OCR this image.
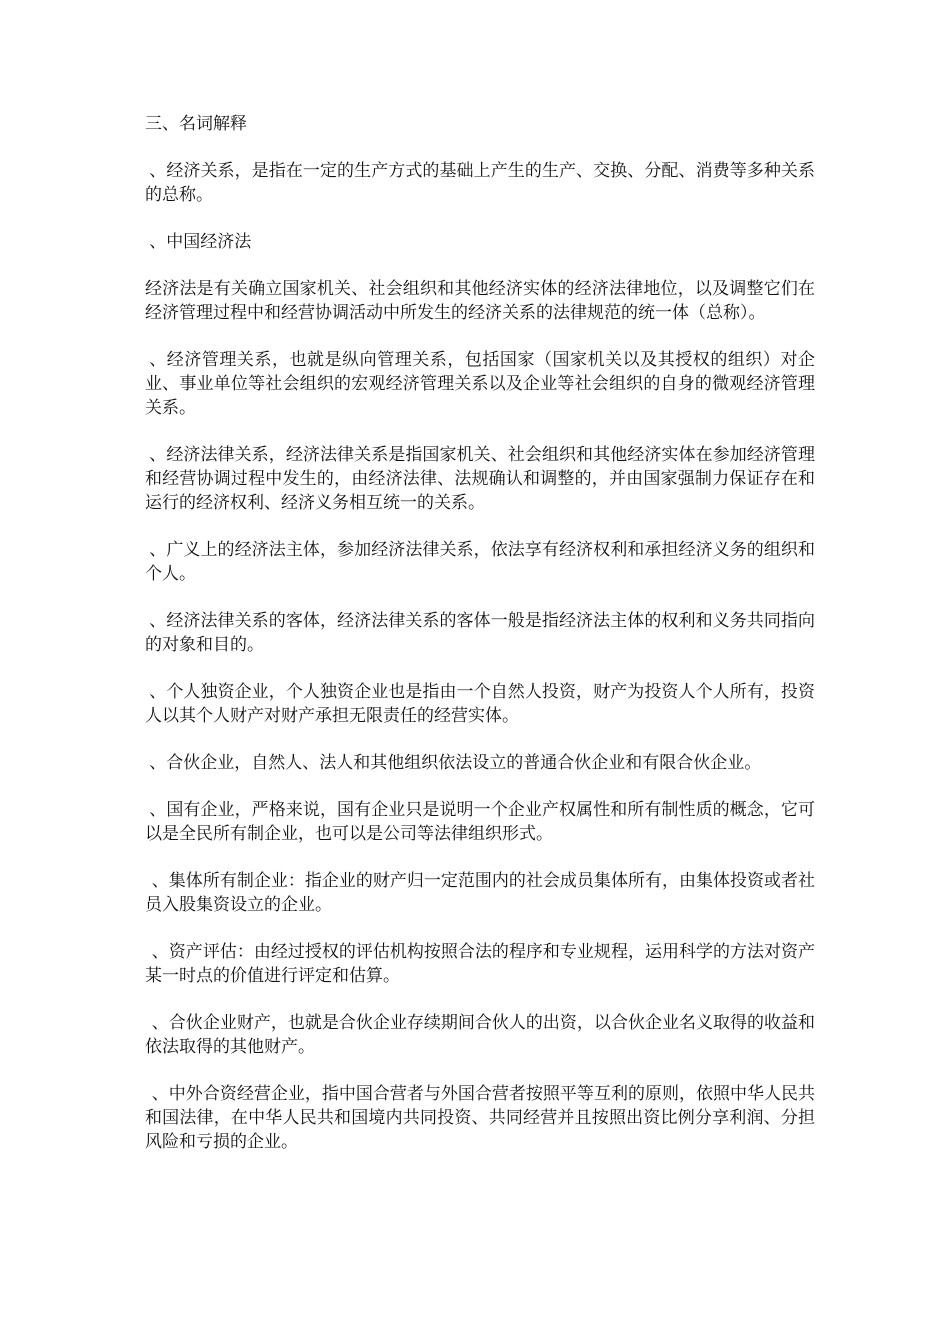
三、名词解释

、经济关系，是指在一定的生产方式的基础上产生的生产、交换、分配、消费等多种关系的总称。

、中国经济法

经济法是有关确立国家机关、社会组织和其他经济实体的经济法律地位，以及调整它们在经济管理过程中和经营协调活动中所发生的经济关系的法律规范的统一体（总称）。

、经济管理关系，也就是纵向管理关系，包括国家（国家机关以及其授权的组织）对企业、事业单位等社会组织的宏观经济管理关系以及企业等社会组织的自身的微观经济管理关系。

、经济法律关系，经济法律关系是指国家机关、社会组织和其他经济实体在参加经济管理和经营协调过程中发生的，由经济法律、法规确认和调整的，并由国家强制力保证存在和运行的经济权利、经济义务相互统一的关系。

、广义上的经济法主体，参加经济法律关系，依法享有经济权利和承担经济义务的组织和个人。

、经济法律关系的客体，经济法律关系的客体一般是指经济法主体的权利和义务共同指向的对象和目的。

、个人独资企业，个人独资企业也是指由一个自然人投资，财产为投资人个人所有，投资人以其个人财产对财产承担无限责任的经营实体。

、合伙企业，自然人、法人和其他组织依法设立的普通合伙企业和有限合伙企业。

、国有企业，严格来说，国有企业只是说明一个企业产权属性和所有制性质的概念，它可以是全民所有制企业，也可以是公司等法律组织形式。

、集体所有制企业：指企业的财产归一定范围内的社会成员集体所有，由集体投资或者社员入股集资设立的企业。

、资产评估：由经过授权的评估机构按照合法的程序和专业规程，运用科学的方法对资产某一时点的价值进行评定和估算。

、合伙企业财产，也就是合伙企业存续期间合伙人的出资，以合伙企业名义取得的收益和依法取得的其他财产。

、中外合资经营企业，指中国合营者与外国合营者按照平等互利的原则，依照中华人民共和国法律，在中华人民共和国境内共同投资、共同经营并且按照出资比例分享利润、分担风险和亏损的企业。
